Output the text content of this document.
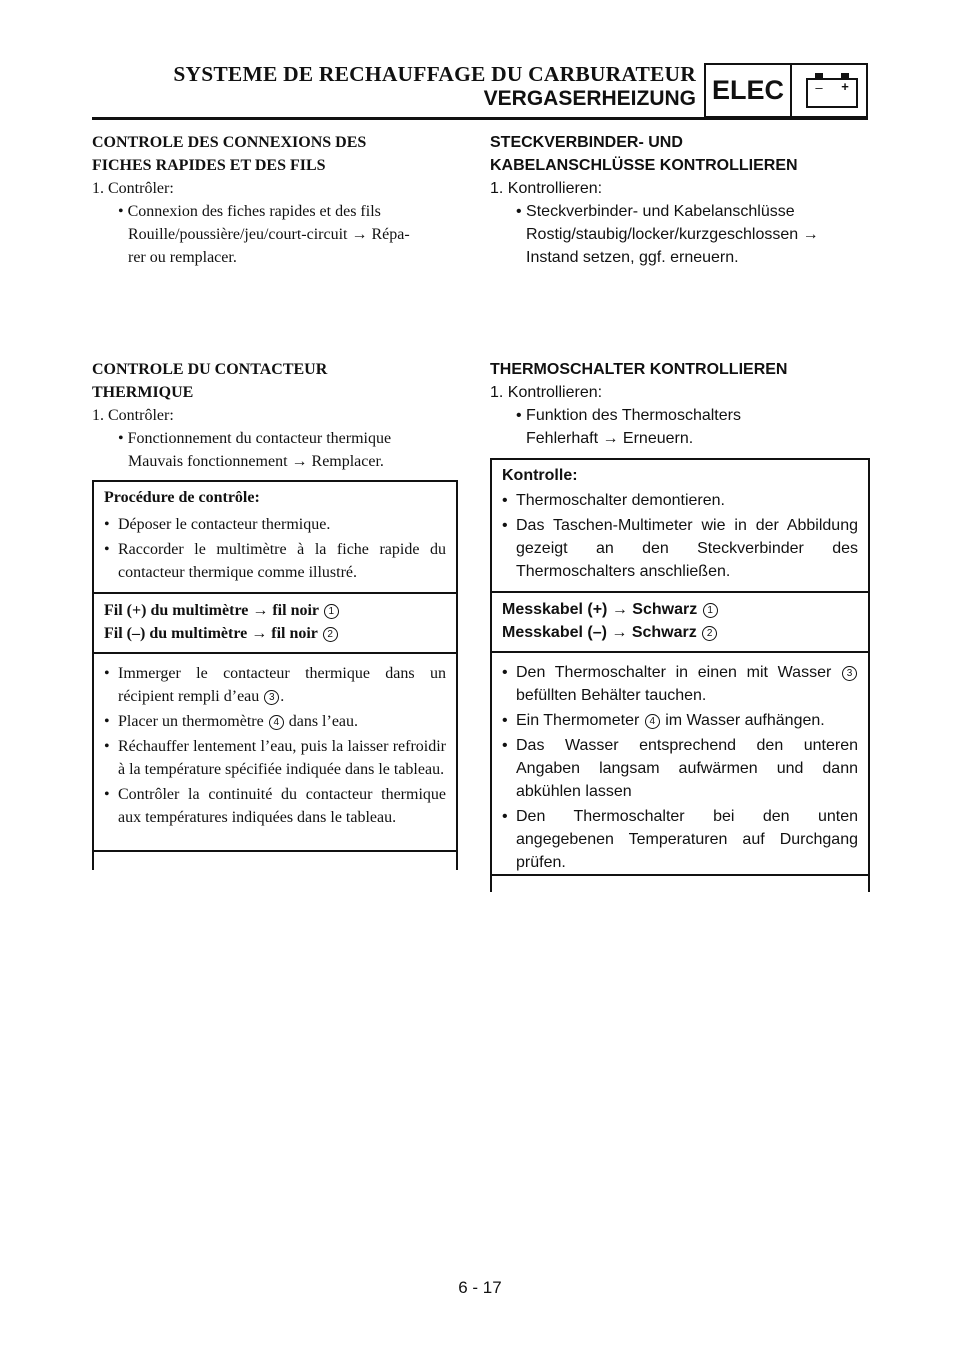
SYSTEME DE RECHAUFFAGE DU CARBURATEUR
VERGASERHEIZUNG ELEC	– +
CONTROLE DES CONNEXIONS DES
FICHES RAPIDES ET DES FILS
1. Contrôler:
• Connexion des fiches rapides et des fils
Rouille/poussière/jeu/court-circuit → Répa-
rer ou remplacer.
STECKVERBINDER- UND
KABELANSCHLÜSSE KONTROLLIEREN
1. Kontrollieren:
• Steckverbinder- und Kabelanschlüsse
Rostig/staubig/locker/kurzgeschlossen →
Instand setzen, ggf. erneuern.
CONTROLE DU CONTACTEUR
THERMIQUE
1. Contrôler:
• Fonctionnement du contacteur thermique
Mauvais fonctionnement → Remplacer.
THERMOSCHALTER KONTROLLIEREN
1. Kontrollieren:
• Funktion des Thermoschalters
Fehlerhaft → Erneuern.
Procédure de contrôle:
• Déposer le contacteur thermique.
• Raccorder le multimètre à la fiche rapide du contacteur thermique comme illustré.
Fil (+) du multimètre → fil noir 1
Fil (–) du multimètre → fil noir 2
• Immerger le contacteur thermique dans un récipient rempli d’eau 3 .
• Placer un thermomètre 4 dans l’eau.
• Réchauffer lentement l’eau, puis la laisser refroidir à la température spécifiée indiquée dans le tableau.
• Contrôler la continuité du contacteur thermique aux températures indiquées dans le tableau.
Kontrolle:
• Thermoschalter demontieren.
• Das Taschen-Multimeter wie in der Abbildung gezeigt an den Steckverbinder des Thermoschalters anschließen.
Messkabel (+) → Schwarz 1
Messkabel (–) → Schwarz 2
• Den Thermoschalter in einen mit Wasser 3 befüllten Behälter tauchen.
• Ein Thermometer 4 im Wasser aufhängen.
• Das Wasser entsprechend den unteren Angaben langsam aufwärmen und dann abkühlen lassen
• Den Thermoschalter bei den unten angegebenen Temperaturen auf Durchgang prüfen.
6 - 17
